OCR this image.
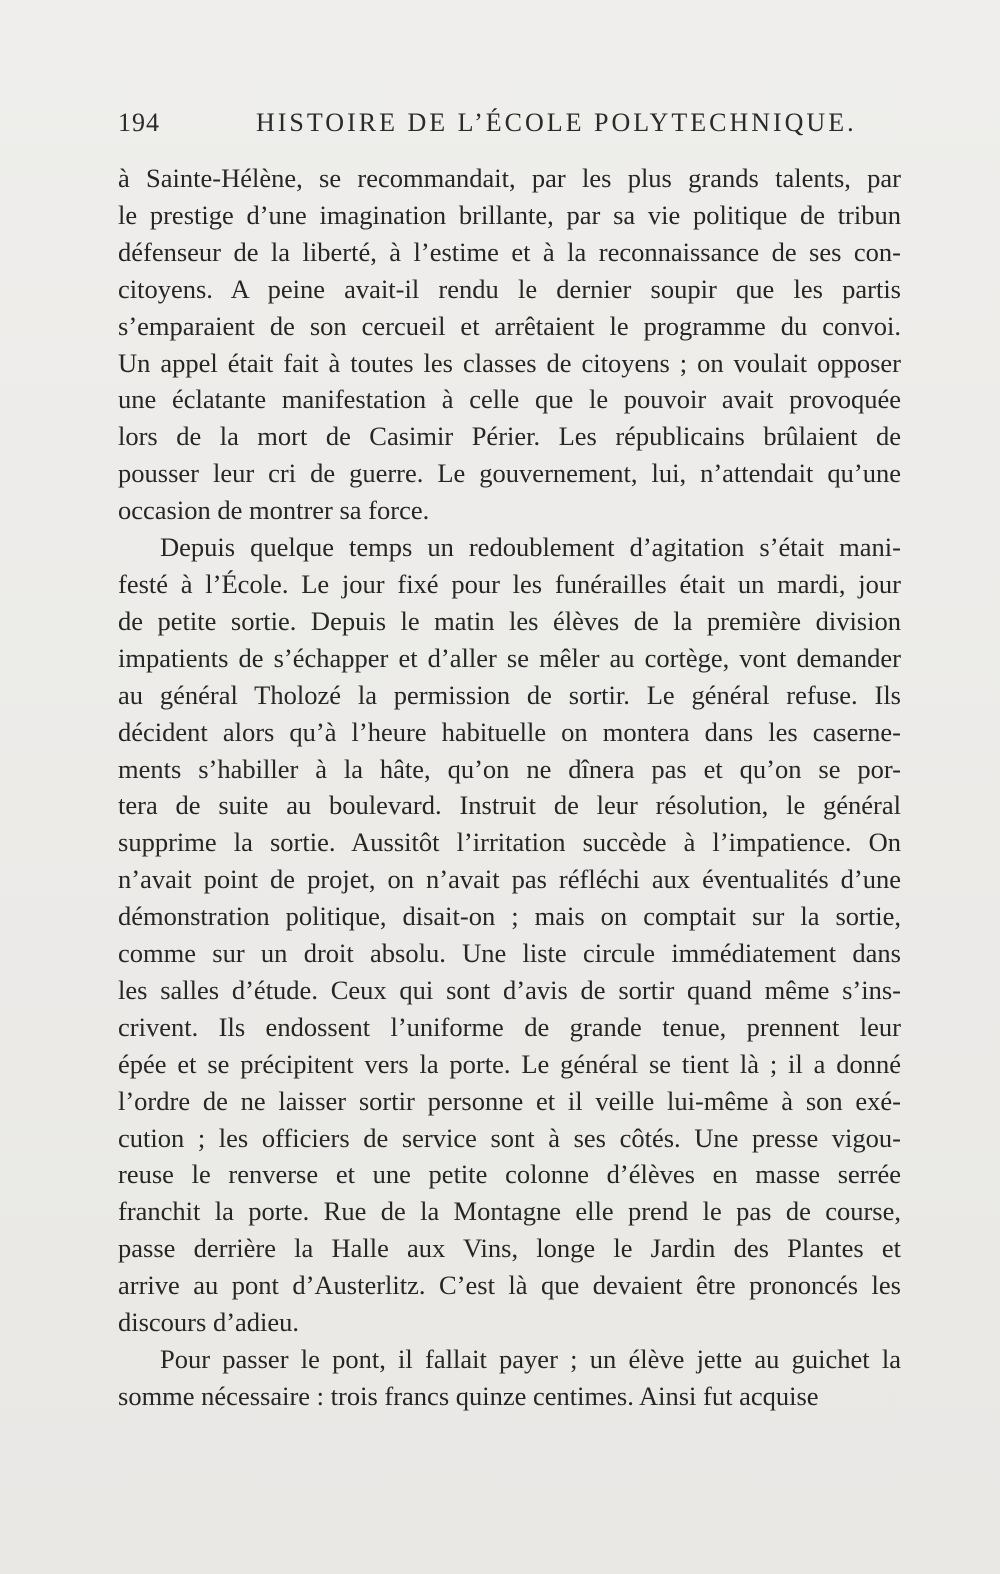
194	HISTOIRE DE L’ÉCOLE POLYTECHNIQUE.
à Sainte-Hélène, se recommandait, par les plus grands talents, par
le prestige d’une imagination brillante, par sa vie politique de tribun
défenseur de la liberté, à l’estime et à la reconnaissance de ses con-
citoyens. A peine avait-il rendu le dernier soupir que les partis
s’emparaient de son cercueil et arrêtaient le programme du convoi.
Un appel était fait à toutes les classes de citoyens ; on voulait opposer
une éclatante manifestation à celle que le pouvoir avait provoquée
lors de la mort de Casimir Périer. Les républicains brûlaient de
pousser leur cri de guerre. Le gouvernement, lui, n’attendait qu’une
occasion de montrer sa force.
Depuis quelque temps un redoublement d’agitation s’était mani-
festé à l’École. Le jour fixé pour les funérailles était un mardi, jour
de petite sortie. Depuis le matin les élèves de la première division
impatients de s’échapper et d’aller se mêler au cortège, vont demander
au général Tholozé la permission de sortir. Le général refuse. Ils
décident alors qu’à l’heure habituelle on montera dans les caserne-
ments s’habiller à la hâte, qu’on ne dînera pas et qu’on se por-
tera de suite au boulevard. Instruit de leur résolution, le général
supprime la sortie. Aussitôt l’irritation succède à l’impatience. On
n’avait point de projet, on n’avait pas réfléchi aux éventualités d’une
démonstration politique, disait-on ; mais on comptait sur la sortie,
comme sur un droit absolu. Une liste circule immédiatement dans
les salles d’étude. Ceux qui sont d’avis de sortir quand même s’ins-
crivent. Ils endossent l’uniforme de grande tenue, prennent leur
épée et se précipitent vers la porte. Le général se tient là ; il a donné
l’ordre de ne laisser sortir personne et il veille lui-même à son exé-
cution ; les officiers de service sont à ses côtés. Une presse vigou-
reuse le renverse et une petite colonne d’élèves en masse serrée
franchit la porte. Rue de la Montagne elle prend le pas de course,
passe derrière la Halle aux Vins, longe le Jardin des Plantes et
arrive au pont d’Austerlitz. C’est là que devaient être prononcés les
discours d’adieu.
Pour passer le pont, il fallait payer ; un élève jette au guichet la
somme nécessaire : trois francs quinze centimes. Ainsi fut acquise
